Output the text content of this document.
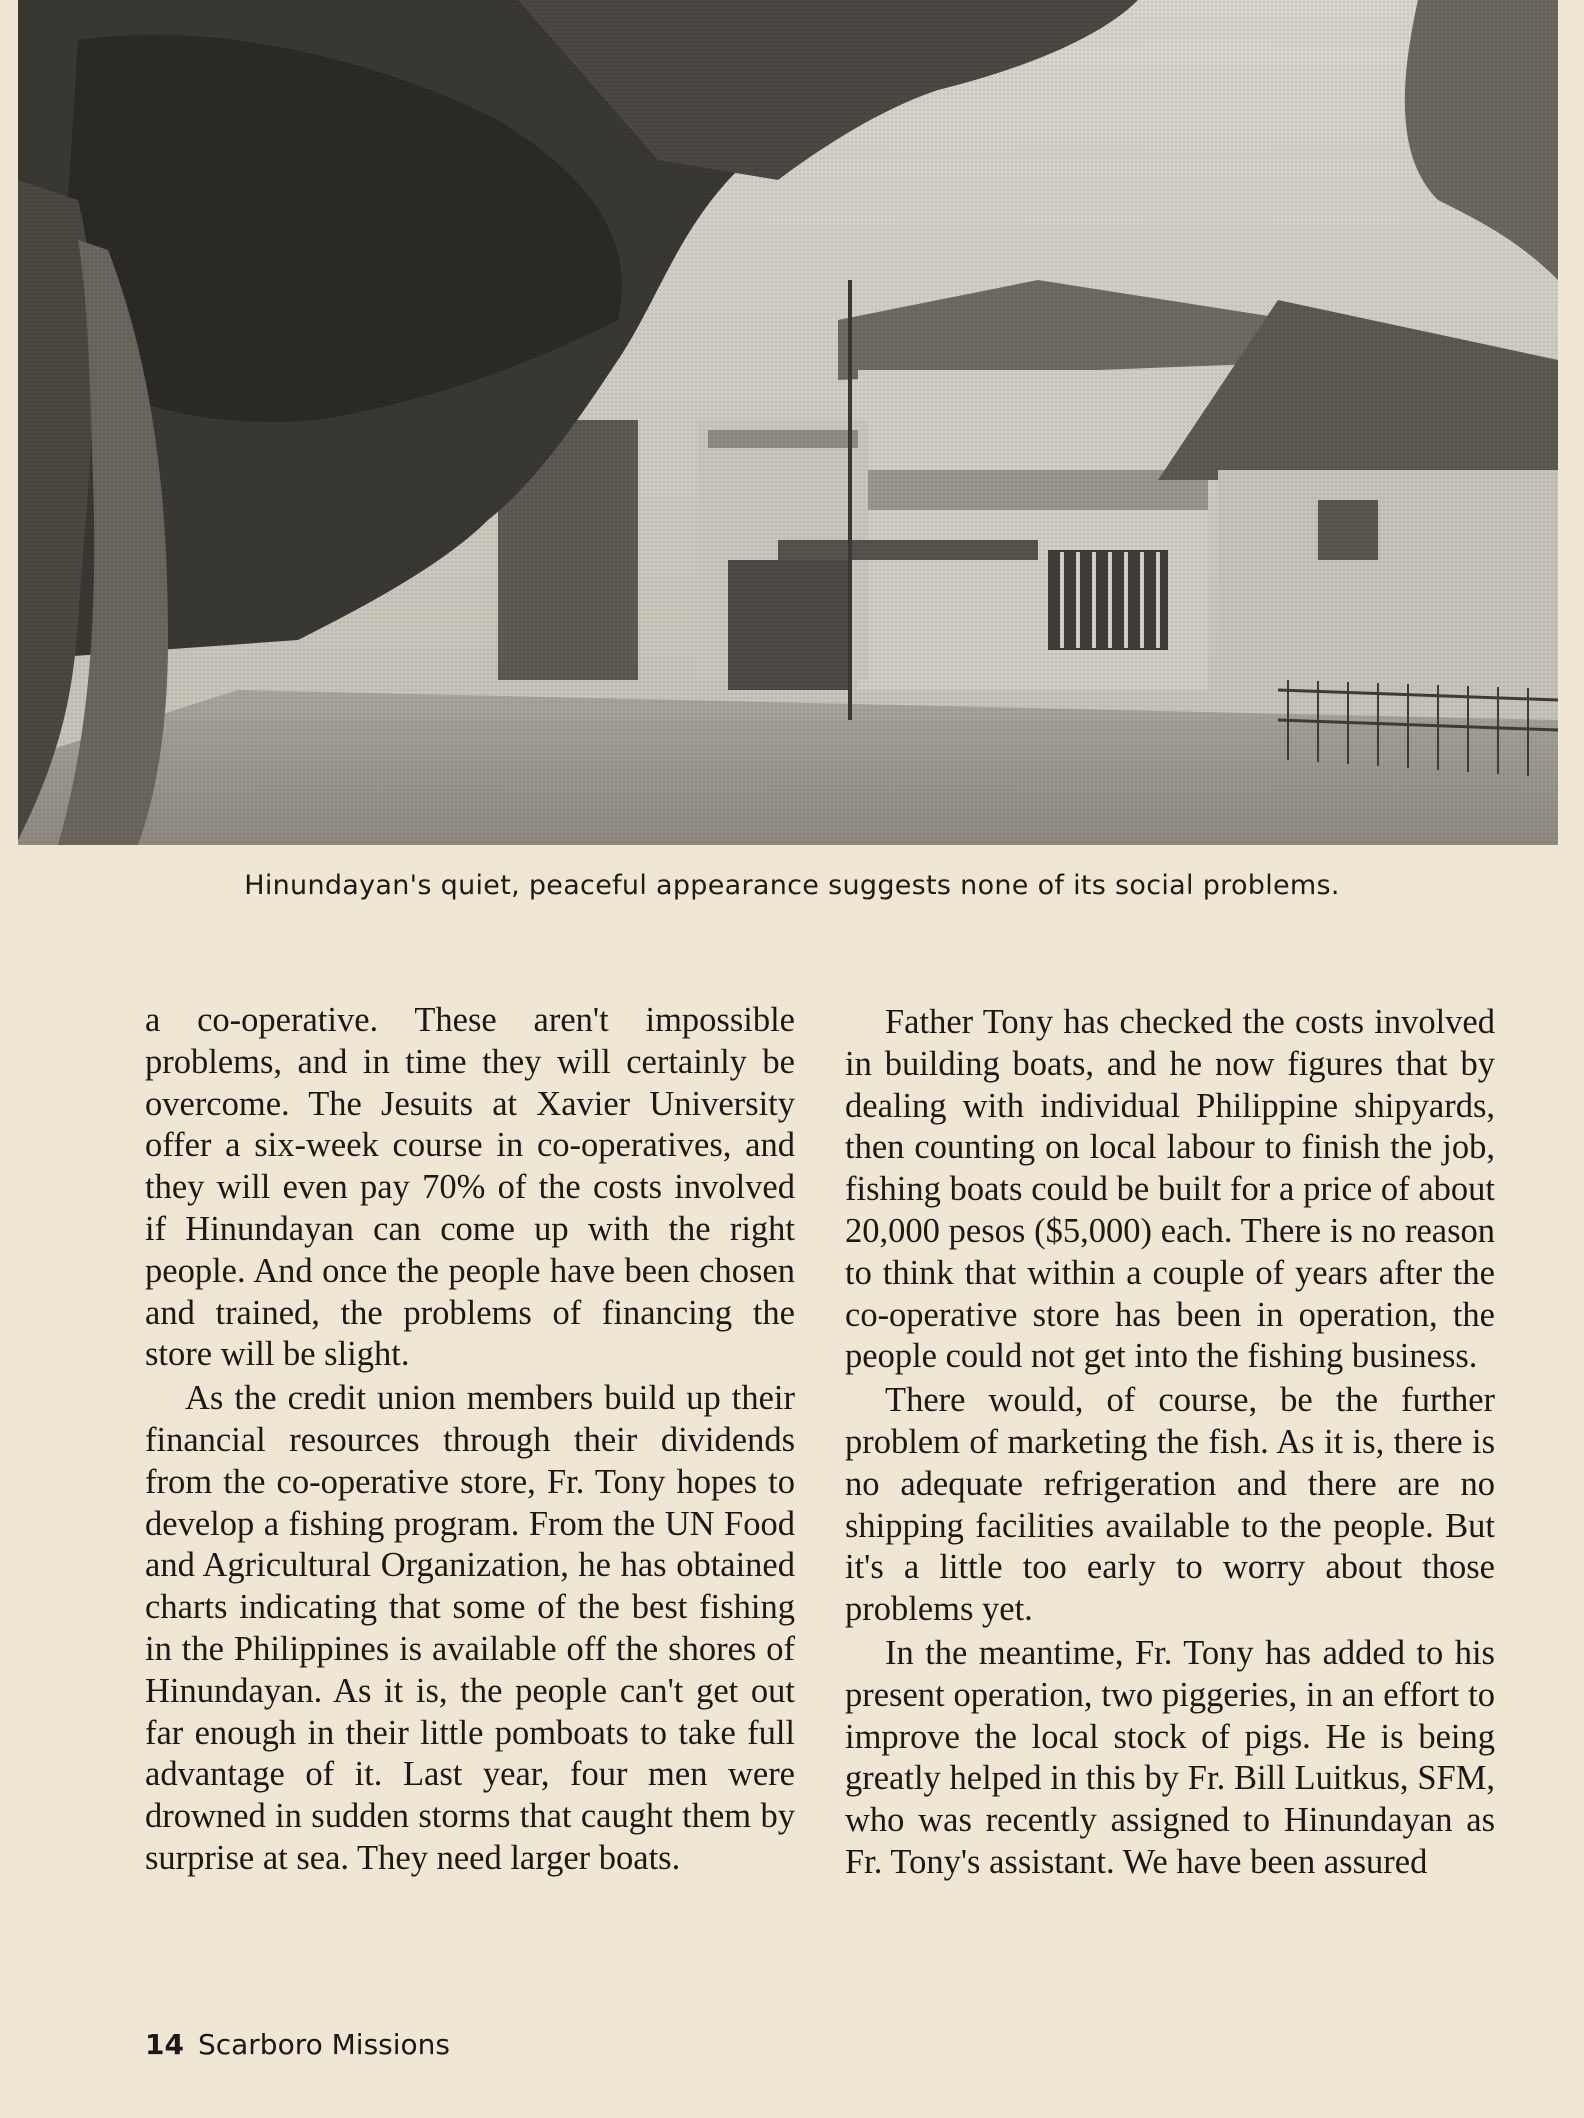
Hinundayan's quiet, peaceful appearance suggests none of its social problems.

a co-operative. These aren't impossible problems, and in time they will certainly be overcome. The Jesuits at Xavier University offer a six-week course in co-operatives, and they will even pay 70% of the costs involved if Hinundayan can come up with the right people. And once the people have been chosen and trained, the problems of financing the store will be slight.

As the credit union members build up their financial resources through their dividends from the co-operative store, Fr. Tony hopes to develop a fishing program. From the UN Food and Agricultural Organization, he has obtained charts indicating that some of the best fishing in the Philippines is available off the shores of Hinundayan. As it is, the people can't get out far enough in their little pomboats to take full advantage of it. Last year, four men were drowned in sudden storms that caught them by surprise at sea. They need larger boats.

Father Tony has checked the costs involved in building boats, and he now figures that by dealing with individual Philippine shipyards, then counting on local labour to finish the job, fishing boats could be built for a price of about 20,000 pesos ($5,000) each. There is no reason to think that within a couple of years after the co-operative store has been in operation, the people could not get into the fishing business.

There would, of course, be the further problem of marketing the fish. As it is, there is no adequate refrigeration and there are no shipping facilities available to the people. But it's a little too early to worry about those problems yet.

In the meantime, Fr. Tony has added to his present operation, two piggeries, in an effort to improve the local stock of pigs. He is being greatly helped in this by Fr. Bill Luitkus, SFM, who was recently assigned to Hinundayan as Fr. Tony's assistant. We have been assured

14 Scarboro Missions
